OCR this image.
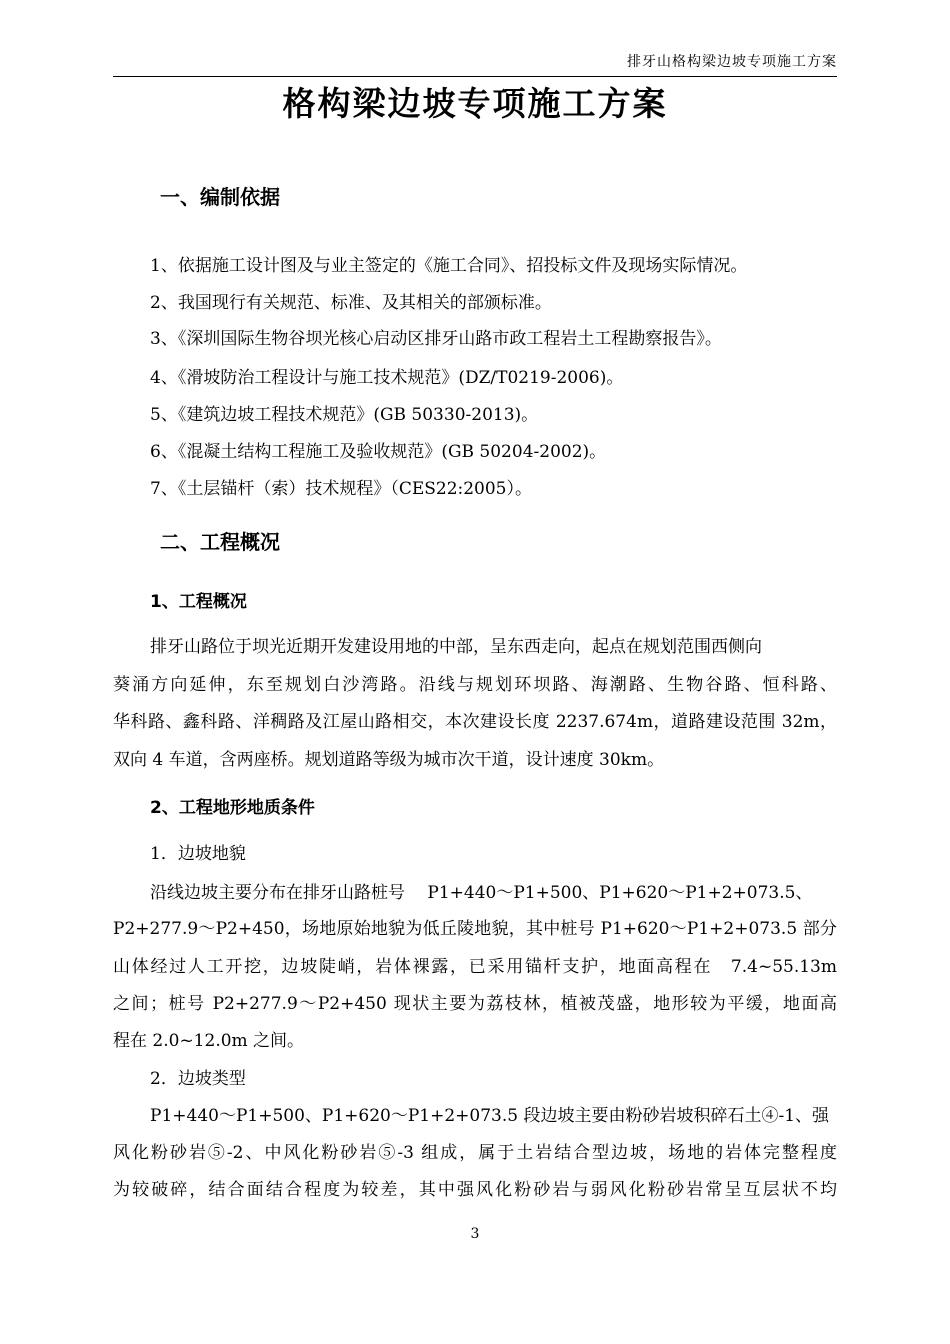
排牙山格构梁边坡专项施工方案
格构梁边坡专项施工方案
一、编制依据
1、依据施工设计图及与业主签定的《施工合同》、招投标文件及现场实际情况。
2、我国现行有关规范、标准、及其相关的部颁标准。
3、《深圳国际生物谷坝光核心启动区排牙山路市政工程岩土工程勘察报告》。
4、《滑坡防治工程设计与施工技术规范》(DZ/T0219-2006)。
5、《建筑边坡工程技术规范》(GB 50330-2013)。
6、《混凝土结构工程施工及验收规范》(GB 50204-2002)。
7、《土层锚杆（索）技术规程》（CES22:2005）。
二、工程概况
1、工程概况
排牙山路位于坝光近期开发建设用地的中部，呈东西走向，起点在规划范围西侧向
葵涌方向延伸，东至规划白沙湾路。沿线与规划环坝路、海潮路、生物谷路、恒科路、
华科路、鑫科路、洋稠路及江屋山路相交，本次建设长度 2237.674m，道路建设范围 32m，
双向 4 车道，含两座桥。规划道路等级为城市次干道，设计速度 30km。
2、工程地形地质条件
1．边坡地貌
沿线边坡主要分布在排牙山路桩号　 P1+440～P1+500、P1+620～P1+2+073.5、
P2+277.9～P2+450，场地原始地貌为低丘陵地貌，其中桩号 P1+620～P1+2+073.5 部分
山体经过人工开挖，边坡陡峭，岩体裸露，已采用锚杆支护，地面高程在　7.4~55.13m
之间；桩号 P2+277.9～P2+450 现状主要为荔枝林，植被茂盛，地形较为平缓，地面高
程在 2.0~12.0m 之间。
2．边坡类型
P1+440～P1+500、P1+620～P1+2+073.5 段边坡主要由粉砂岩坡积碎石土④-1、强
风化粉砂岩⑤-2、中风化粉砂岩⑤-3 组成，属于土岩结合型边坡，场地的岩体完整程度
为较破碎，结合面结合程度为较差，其中强风化粉砂岩与弱风化粉砂岩常呈互层状不均
3
